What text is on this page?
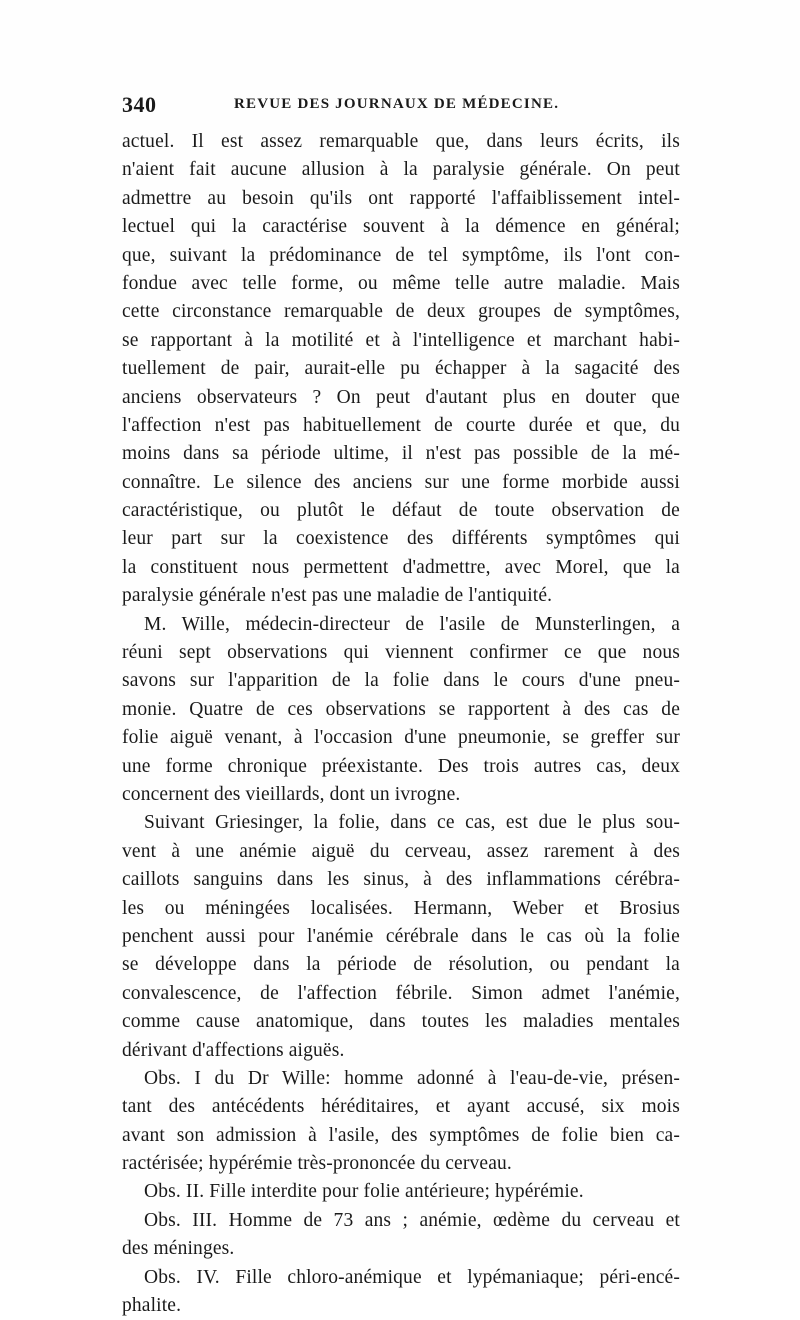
340	REVUE DES JOURNAUX DE MÉDECINE.
actuel. Il est assez remarquable que, dans leurs écrits, ils
n'aient fait aucune allusion à la paralysie générale. On peut
admettre au besoin qu'ils ont rapporté l'affaiblissement intel-
lectuel qui la caractérise souvent à la démence en général;
que, suivant la prédominance de tel symptôme, ils l'ont con-
fondue avec telle forme, ou même telle autre maladie. Mais
cette circonstance remarquable de deux groupes de symptômes,
se rapportant à la motilité et à l'intelligence et marchant habi-
tuellement de pair, aurait-elle pu échapper à la sagacité des
anciens observateurs ? On peut d'autant plus en douter que
l'affection n'est pas habituellement de courte durée et que, du
moins dans sa période ultime, il n'est pas possible de la mé-
connaître. Le silence des anciens sur une forme morbide aussi
caractéristique, ou plutôt le défaut de toute observation de
leur part sur la coexistence des différents symptômes qui
la constituent nous permettent d'admettre, avec Morel, que la
paralysie générale n'est pas une maladie de l'antiquité.
M. Wille, médecin-directeur de l'asile de Munsterlingen, a
réuni sept observations qui viennent confirmer ce que nous
savons sur l'apparition de la folie dans le cours d'une pneu-
monie. Quatre de ces observations se rapportent à des cas de
folie aiguë venant, à l'occasion d'une pneumonie, se greffer sur
une forme chronique préexistante. Des trois autres cas, deux
concernent des vieillards, dont un ivrogne.
Suivant Griesinger, la folie, dans ce cas, est due le plus sou-
vent à une anémie aiguë du cerveau, assez rarement à des
caillots sanguins dans les sinus, à des inflammations cérébra-
les ou méningées localisées. Hermann, Weber et Brosius
penchent aussi pour l'anémie cérébrale dans le cas où la folie
se développe dans la période de résolution, ou pendant la
convalescence, de l'affection fébrile. Simon admet l'anémie,
comme cause anatomique, dans toutes les maladies mentales
dérivant d'affections aiguës.
Obs. I du Dr Wille: homme adonné à l'eau-de-vie, présen-
tant des antécédents héréditaires, et ayant accusé, six mois
avant son admission à l'asile, des symptômes de folie bien ca-
ractérisée; hypérémie très-prononcée du cerveau.
Obs. II. Fille interdite pour folie antérieure; hypérémie.
Obs. III. Homme de 73 ans ; anémie, œdème du cerveau et
des méninges.
Obs. IV. Fille chloro-anémique et lypémaniaque; péri-encé-
phalite.
